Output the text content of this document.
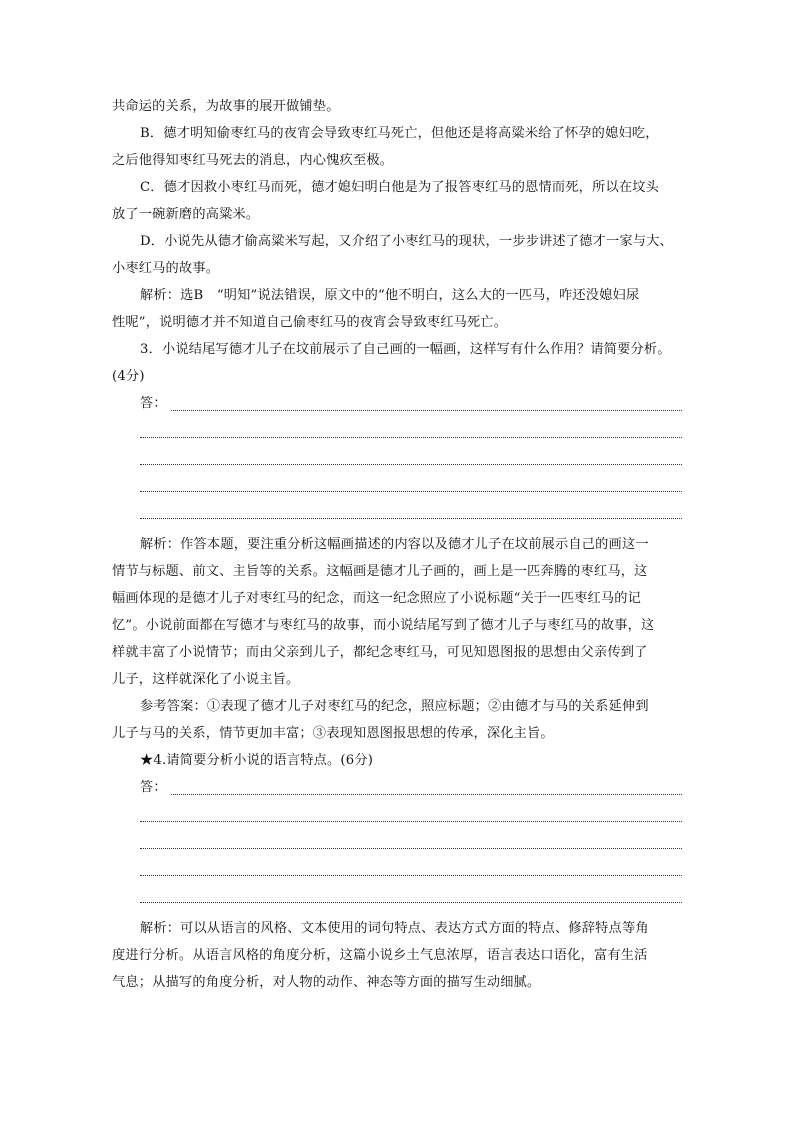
共命运的关系，为故事的展开做铺垫。

B．德才明知偷枣红马的夜宵会导致枣红马死亡，但他还是将高粱米给了怀孕的媳妇吃，

之后他得知枣红马死去的消息，内心愧疚至极。

C．德才因救小枣红马而死，德才媳妇明白他是为了报答枣红马的恩情而死，所以在坟头

放了一碗新磨的高粱米。

D．小说先从德才偷高粱米写起，又介绍了小枣红马的现状，一步步讲述了德才一家与大、

小枣红马的故事。

解析：选B　“明知”说法错误，原文中的“他不明白，这么大的一匹马，咋还没媳妇尿

性呢”，说明德才并不知道自己偷枣红马的夜宵会导致枣红马死亡。

3．小说结尾写德才儿子在坟前展示了自己画的一幅画，这样写有什么作用？请简要分析。

(4分)

答：

解析：作答本题，要注重分析这幅画描述的内容以及德才儿子在坟前展示自己的画这一

情节与标题、前文、主旨等的关系。这幅画是德才儿子画的，画上是一匹奔腾的枣红马，这

幅画体现的是德才儿子对枣红马的纪念，而这一纪念照应了小说标题“关于一匹枣红马的记

忆”。小说前面都在写德才与枣红马的故事，而小说结尾写到了德才儿子与枣红马的故事，这

样就丰富了小说情节；而由父亲到儿子，都纪念枣红马，可见知恩图报的思想由父亲传到了

儿子，这样就深化了小说主旨。

参考答案：①表现了德才儿子对枣红马的纪念，照应标题；②由德才与马的关系延伸到

儿子与马的关系，情节更加丰富；③表现知恩图报思想的传承，深化主旨。

★4.请简要分析小说的语言特点。(6分)

答：

解析：可以从语言的风格、文本使用的词句特点、表达方式方面的特点、修辞特点等角

度进行分析。从语言风格的角度分析，这篇小说乡土气息浓厚，语言表达口语化，富有生活

气息；从描写的角度分析，对人物的动作、神态等方面的描写生动细腻。
